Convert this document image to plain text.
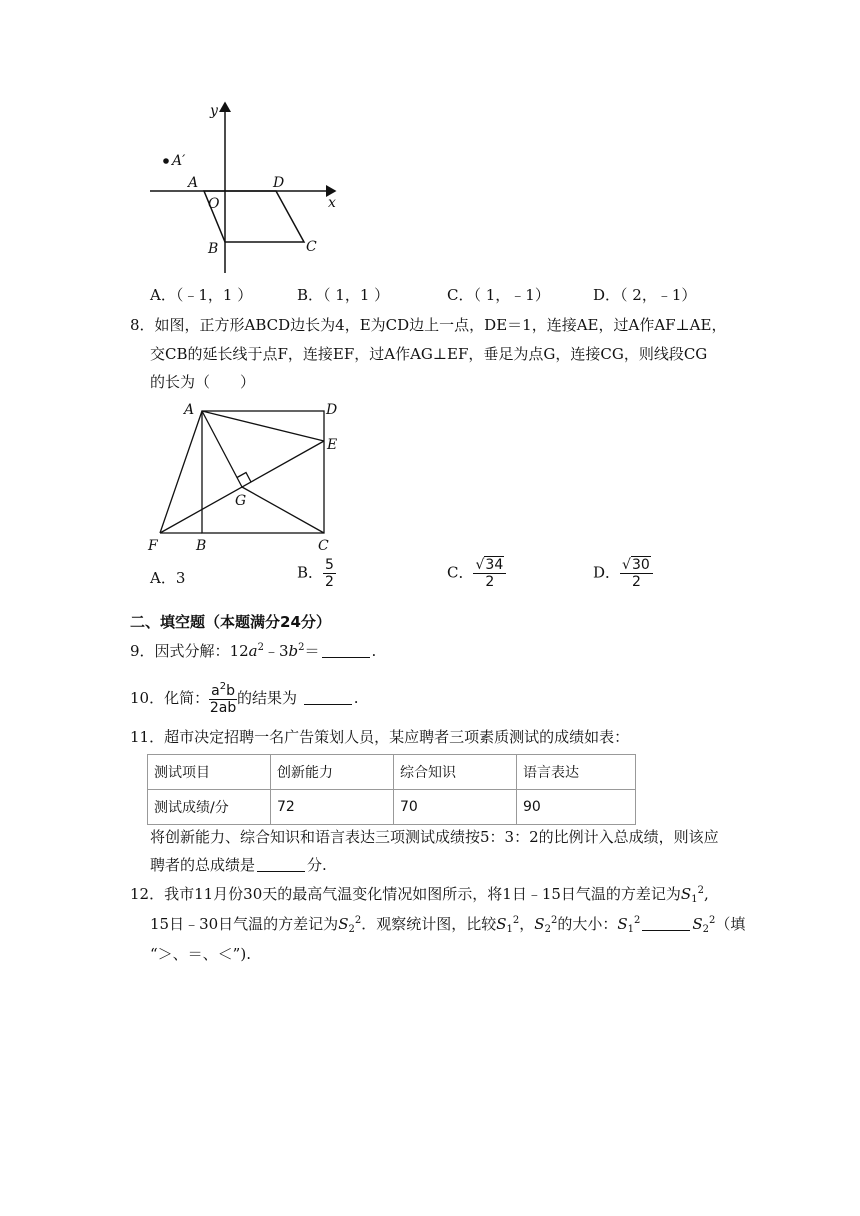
y
x
A′
A	D
O
B	C
A．（﹣1，1 ）	B．（ 1，1 ）	C．（ 1，﹣1）	D．（ 2，﹣1）
8．如图，正方形ABCD边长为4，E为CD边上一点，DE＝1，连接AE，过A作AF⊥AE，
交CB的延长线于点F，连接EF，过A作AG⊥EF，垂足为点G，连接CG，则线段CG
的长为（　　）
A	D
E
G
F	B	C
A．3	B． $\frac{5}{2}$	C． $\frac{√34}{2}$	D． $\frac{√30}{2}$
二、填空题（本题满分24分）
9．因式分解：$12a^2﹣3b^2=$	.
10．化简： $\frac{a^2b}{2ab}$ 的结果为	.
11．超市决定招聘一名广告策划人员，某应聘者三项素质测试的成绩如表：
测试项目	创新能力	综合知识	语言表达
测试成绩/分	72	70	90
将创新能力、综合知识和语言表达三项测试成绩按5：3：2的比例计入总成绩，则该应
聘者的总成绩是	分.
12．我市11月份30天的最高气温变化情况如图所示，将1日﹣15日气温的方差记为$S_1^2$,
15日﹣30日气温的方差记为$S_2^2$．观察统计图，比较$S_1^2$，$S_2^2$的大小：$S_1^2$	$S_2^2$（填
“＞、＝、＜”).
